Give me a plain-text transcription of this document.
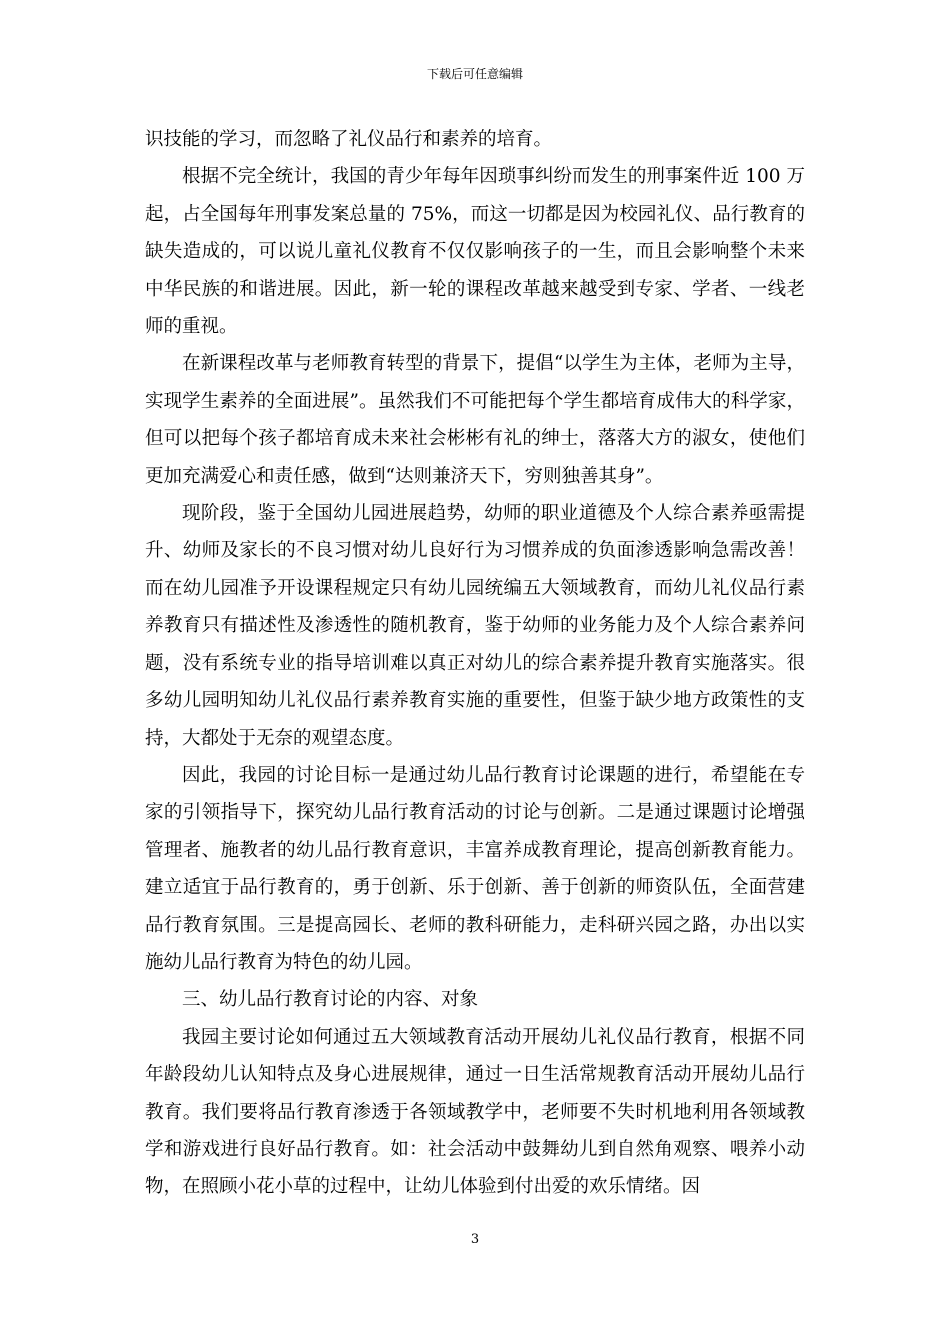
下载后可任意编辑

识技能的学习，而忽略了礼仪品行和素养的培育。

根据不完全统计，我国的青少年每年因琐事纠纷而发生的刑事案件近 100 万起，占全国每年刑事发案总量的 75%，而这一切都是因为校园礼仪、品行教育的缺失造成的，可以说儿童礼仪教育不仅仅影响孩子的一生，而且会影响整个未来中华民族的和谐进展。因此，新一轮的课程改革越来越受到专家、学者、一线老师的重视。

在新课程改革与老师教育转型的背景下，提倡“以学生为主体，老师为主导，实现学生素养的全面进展”。虽然我们不可能把每个学生都培育成伟大的科学家，但可以把每个孩子都培育成未来社会彬彬有礼的绅士，落落大方的淑女，使他们更加充满爱心和责任感，做到“达则兼济天下，穷则独善其身”。

现阶段，鉴于全国幼儿园进展趋势，幼师的职业道德及个人综合素养亟需提升、幼师及家长的不良习惯对幼儿良好行为习惯养成的负面渗透影响急需改善！而在幼儿园准予开设课程规定只有幼儿园统编五大领域教育，而幼儿礼仪品行素养教育只有描述性及渗透性的随机教育，鉴于幼师的业务能力及个人综合素养问题，没有系统专业的指导培训难以真正对幼儿的综合素养提升教育实施落实。很多幼儿园明知幼儿礼仪品行素养教育实施的重要性，但鉴于缺少地方政策性的支持，大都处于无奈的观望态度。

因此，我园的讨论目标一是通过幼儿品行教育讨论课题的进行，希望能在专家的引领指导下，探究幼儿品行教育活动的讨论与创新。二是通过课题讨论增强管理者、施教者的幼儿品行教育意识，丰富养成教育理论，提高创新教育能力。建立适宜于品行教育的，勇于创新、乐于创新、善于创新的师资队伍，全面营建品行教育氛围。三是提高园长、老师的教科研能力，走科研兴园之路，办出以实施幼儿品行教育为特色的幼儿园。

三、幼儿品行教育讨论的内容、对象

我园主要讨论如何通过五大领域教育活动开展幼儿礼仪品行教育，根据不同年龄段幼儿认知特点及身心进展规律，通过一日生活常规教育活动开展幼儿品行教育。我们要将品行教育渗透于各领域教学中，老师要不失时机地利用各领域教学和游戏进行良好品行教育。如：社会活动中鼓舞幼儿到自然角观察、喂养小动物，在照顾小花小草的过程中，让幼儿体验到付出爱的欢乐情绪。因

3
